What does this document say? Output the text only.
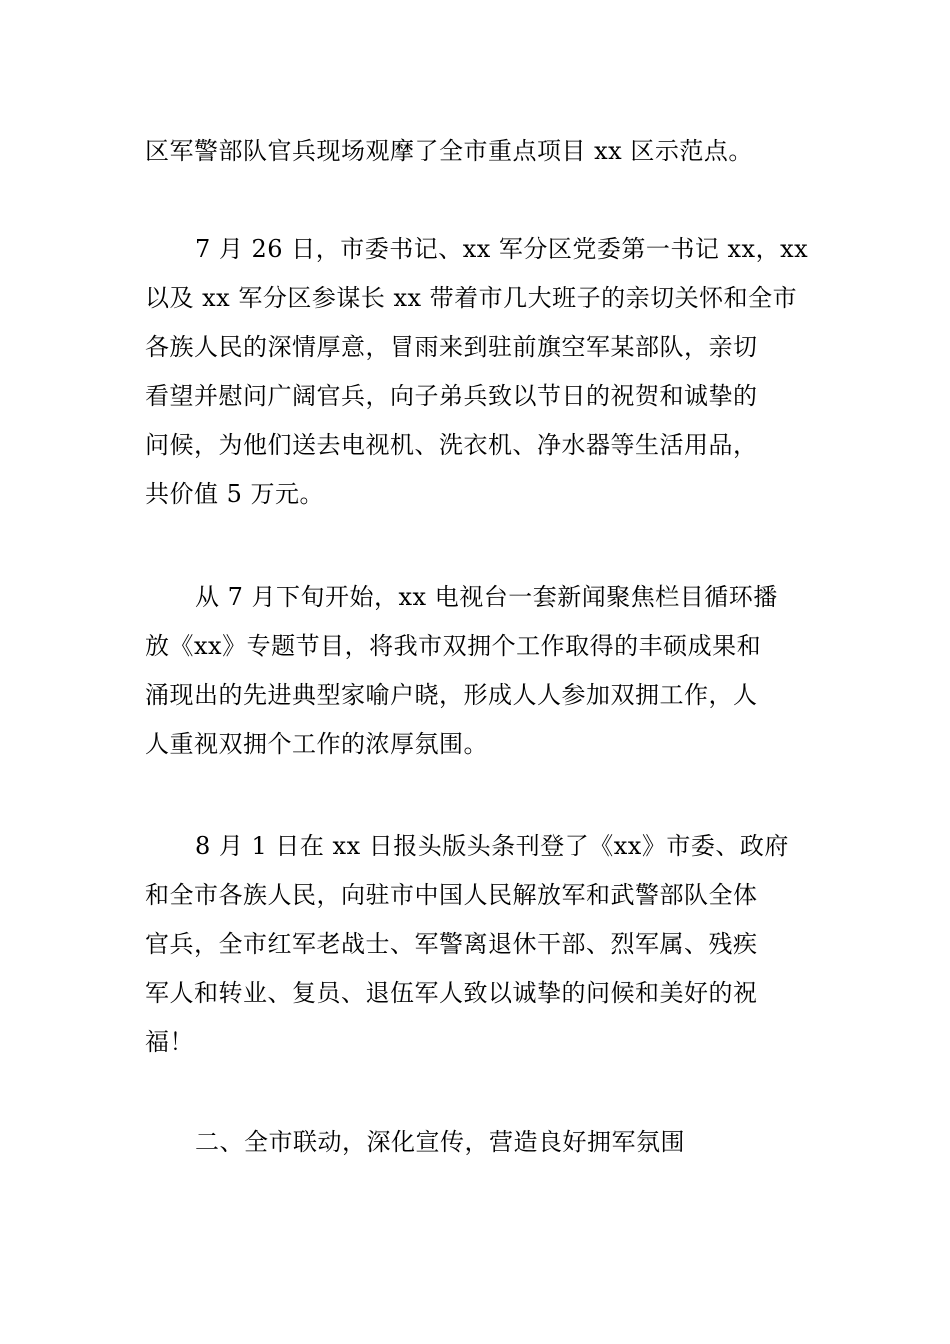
区军警部队官兵现场观摩了全市重点项目 xx 区示范点。

7 月 26 日，市委书记、xx 军分区党委第一书记 xx，xx
以及 xx 军分区参谋长 xx 带着市几大班子的亲切关怀和全市
各族人民的深情厚意，冒雨来到驻前旗空军某部队，亲切
看望并慰问广阔官兵，向子弟兵致以节日的祝贺和诚挚的
问候，为他们送去电视机、洗衣机、净水器等生活用品，
共价值 5 万元。

从 7 月下旬开始，xx 电视台一套新闻聚焦栏目循环播
放《xx》专题节目，将我市双拥个工作取得的丰硕成果和
涌现出的先进典型家喻户晓，形成人人参加双拥工作，人
人重视双拥个工作的浓厚氛围。

8 月 1 日在 xx 日报头版头条刊登了《xx》市委、政府
和全市各族人民，向驻市中国人民解放军和武警部队全体
官兵，全市红军老战士、军警离退休干部、烈军属、残疾
军人和转业、复员、退伍军人致以诚挚的问候和美好的祝
福！

二、全市联动，深化宣传，营造良好拥军氛围
